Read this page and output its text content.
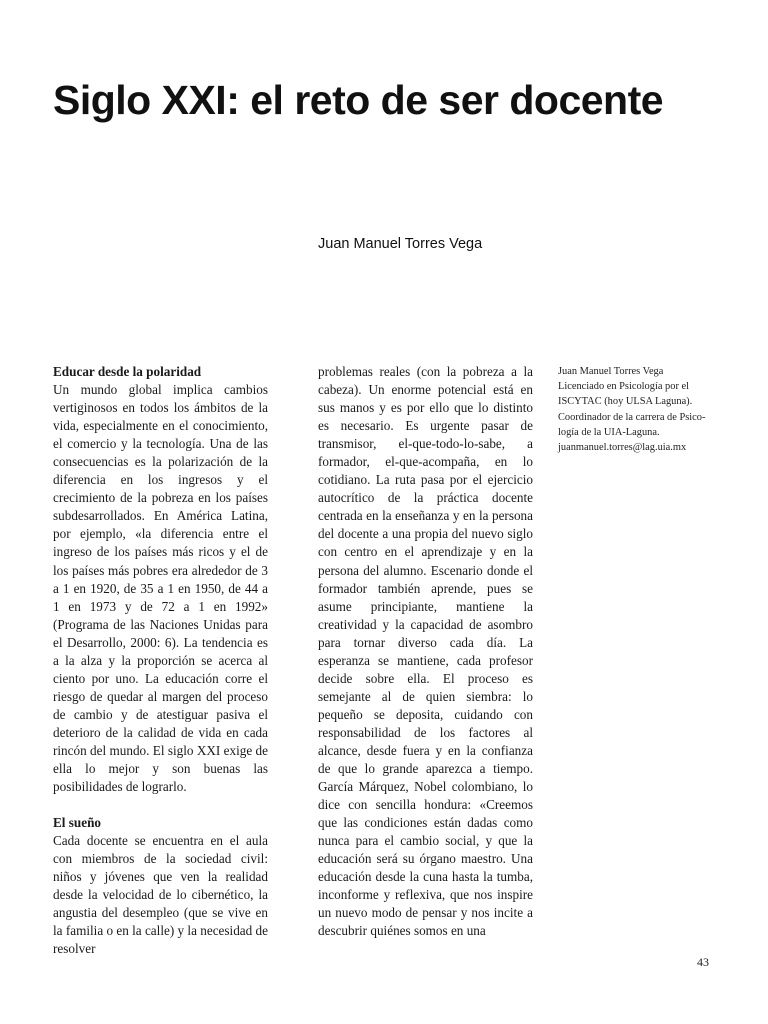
Siglo XXI: el reto de ser docente
Juan Manuel Torres Vega
Educar desde la polaridad

Un mundo global implica cambios vertiginosos en todos los ámbitos de la vida, especialmente en el conocimiento, el comercio y la tecnología. Una de las consecuencias es la polarización de la diferencia en los ingresos y el crecimiento de la pobreza en los países subdesarrollados. En América Latina, por ejemplo, «la diferencia entre el ingreso de los países más ricos y el de los países más pobres era alrededor de 3 a 1 en 1920, de 35 a 1 en 1950, de 44 a 1 en 1973 y de 72 a 1 en 1992» (Programa de las Naciones Unidas para el Desarrollo, 2000: 6). La tendencia es a la alza y la proporción se acerca al ciento por uno. La educación corre el riesgo de quedar al margen del proceso de cambio y de atestiguar pasiva el deterioro de la calidad de vida en cada rincón del mundo. El siglo XXI exige de ella lo mejor y son buenas las posibilidades de lograrlo.

El sueño

Cada docente se encuentra en el aula con miembros de la sociedad civil: niños y jóvenes que ven la realidad desde la velocidad de lo cibernético, la angustia del desempleo (que se vive en la familia o en la calle) y la necesidad de resolver

problemas reales (con la pobreza a la cabeza). Un enorme potencial está en sus manos y es por ello que lo distinto es necesario. Es urgente pasar de transmisor, el-que-todo-lo-sabe, a formador, el-que-acompaña, en lo cotidiano. La ruta pasa por el ejercicio autocrítico de la práctica docente centrada en la enseñanza y en la persona del docente a una propia del nuevo siglo con centro en el aprendizaje y en la persona del alumno. Escenario donde el formador también aprende, pues se asume principiante, mantiene la creatividad y la capacidad de asombro para tornar diverso cada día. La esperanza se mantiene, cada profesor decide sobre ella. El proceso es semejante al de quien siembra: lo pequeño se deposita, cuidando con responsabilidad de los factores al alcance, desde fuera y en la confianza de que lo grande aparezca a tiempo. García Márquez, Nobel colombiano, lo dice con sencilla hondura: «Creemos que las condiciones están dadas como nunca para el cambio social, y que la educación será su órgano maestro. Una educación desde la cuna hasta la tumba, inconforme y reflexiva, que nos inspire un nuevo modo de pensar y nos incite a descubrir quiénes somos en una

Juan Manuel Torres Vega
Licenciado en Psicología por el
ISCYTAC (hoy ULSA Laguna).
Coordinador de la carrera de Psico-
logía de la UIA-Laguna.
juanmanuel.torres@lag.uia.mx
43
